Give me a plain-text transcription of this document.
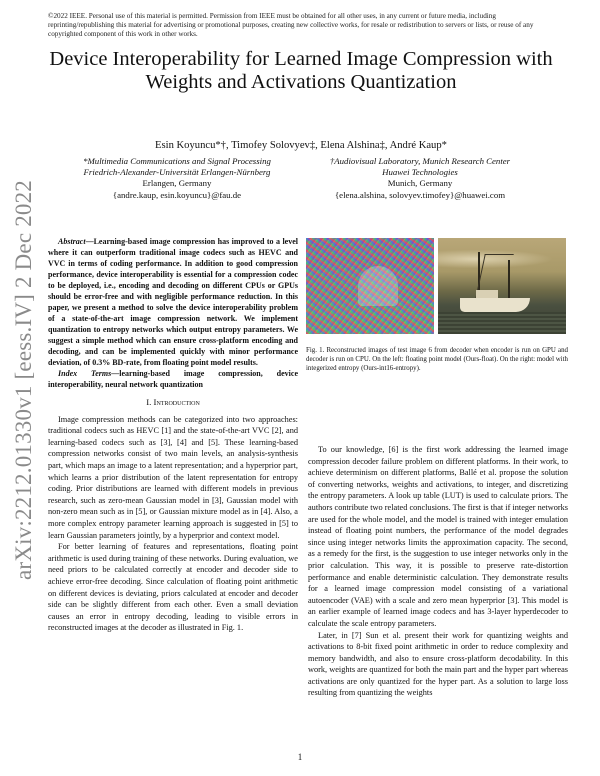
©2022 IEEE. Personal use of this material is permitted. Permission from IEEE must be obtained for all other uses, in any current or future media, including reprinting/republishing this material for advertising or promotional purposes, creating new collective works, for resale or redistribution to servers or lists, or reuse of any copyrighted component of this work in other works.
Device Interoperability for Learned Image Compression with Weights and Activations Quantization
Esin Koyuncu*†, Timofey Solovyev‡, Elena Alshina‡, André Kaup*
*Multimedia Communications and Signal Processing
Friedrich-Alexander-Universität Erlangen-Nürnberg
Erlangen, Germany
{andre.kaup, esin.koyuncu}@fau.de
†Audiovisual Laboratory, Munich Research Center
Huawei Technologies
Munich, Germany
{elena.alshina, solovyev.timofey}@huawei.com
arXiv:2212.01330v1 [eess.IV] 2 Dec 2022	Abstract—Learning-based image compression has improved to a level where it can outperform traditional image codecs such as HEVC and VVC in terms of coding performance. In addition to good compression performance, device interoperability is essential for a compression codec to be deployed, i.e., encoding and decoding on different CPUs or GPUs should be error-free and with negligible performance reduction. In this paper, we present a method to solve the device interoperability problem of a state-of-the-art image compression network. We implement quantization to entropy networks which output entropy parameters. We suggest a simple method which can ensure cross-platform encoding and decoding, and can be implemented quickly with minor performance deviation, of 0.3% BD-rate, from floating point model results.

Index Terms—learning-based image compression, device interoperability, neural network quantization

I. Introduction

Image compression methods can be categorized into two approaches: traditional codecs such as HEVC [1] and the state-of-the-art VVC [2], and learning-based codecs such as [3], [4] and [5]. These learning-based compression networks consist of two main levels, an analysis-synthesis part, which maps an image to a latent representation; and a hyperprior part, which learns a prior distribution of the latent representation for entropy coding. Prior distributions are learned with different models in previous research, such as zero-mean Gaussian model in [3], Gaussian model with non-zero mean such as in [5], or Gaussian mixture model as in [4]. Also, a more complex entropy parameter learning approach is suggested in [5] to learn Gaussian parameters jointly, by a hyperprior and context model.

For better learning of features and representations, floating point arithmetic is used during training of these networks. During evaluation, we need priors to be calculated correctly at encoder and decoder side to achieve error-free decoding. Since calculation of floating point arithmetic on different devices is deviating, priors calculated at encoder and decoder side can be slightly different from each other. Even a small deviation causes an error in entropy decoding, leading to visible errors in reconstructed images at the decoder as illustrated in Fig. 1.

Fig. 1. Reconstructed images of test image 6 from decoder when encoder is run on GPU and decoder is run on CPU. On the left: floating point model (Ours-float). On the right: model with integerized entropy (Ours-int16-entropy).

To our knowledge, [6] is the first work addressing the learned image compression decoder failure problem on different platforms. In their work, to achieve determinism on different platforms, Ballé et al. propose the solution of converting networks, weights and activations, to integer, and discretizing the entropy parameters. A look up table (LUT) is used to calculate priors. The authors contribute two related conclusions. The first is that if integer networks are used for the whole model, and the model is trained with integer emulation instead of floating point numbers, the performance of the model degrades since using integer networks limits the approximation capacity. The second, as a remedy for the first, is the suggestion to use integer networks only in the prior calculation. This way, it is possible to preserve rate-distortion performance and enable deterministic calculation. They demonstrate results for a learned image compression model consisting of a variational autoencoder (VAE) with a scale and zero mean hyperprior [3]. This model is an earlier example of learned image codecs and has 3-layer hyperdecoder to calculate the scale entropy parameters.

Later, in [7] Sun et al. present their work for quantizing weights and activations to 8-bit fixed point arithmetic in order to reduce complexity and memory bandwidth, and also to ensure cross-platform decodability. In this work, weights are quantized for both the main part and the hyper part whereas activations are only quantized for the hyper part. As a solution to large loss resulting from quantizing the weights

1
